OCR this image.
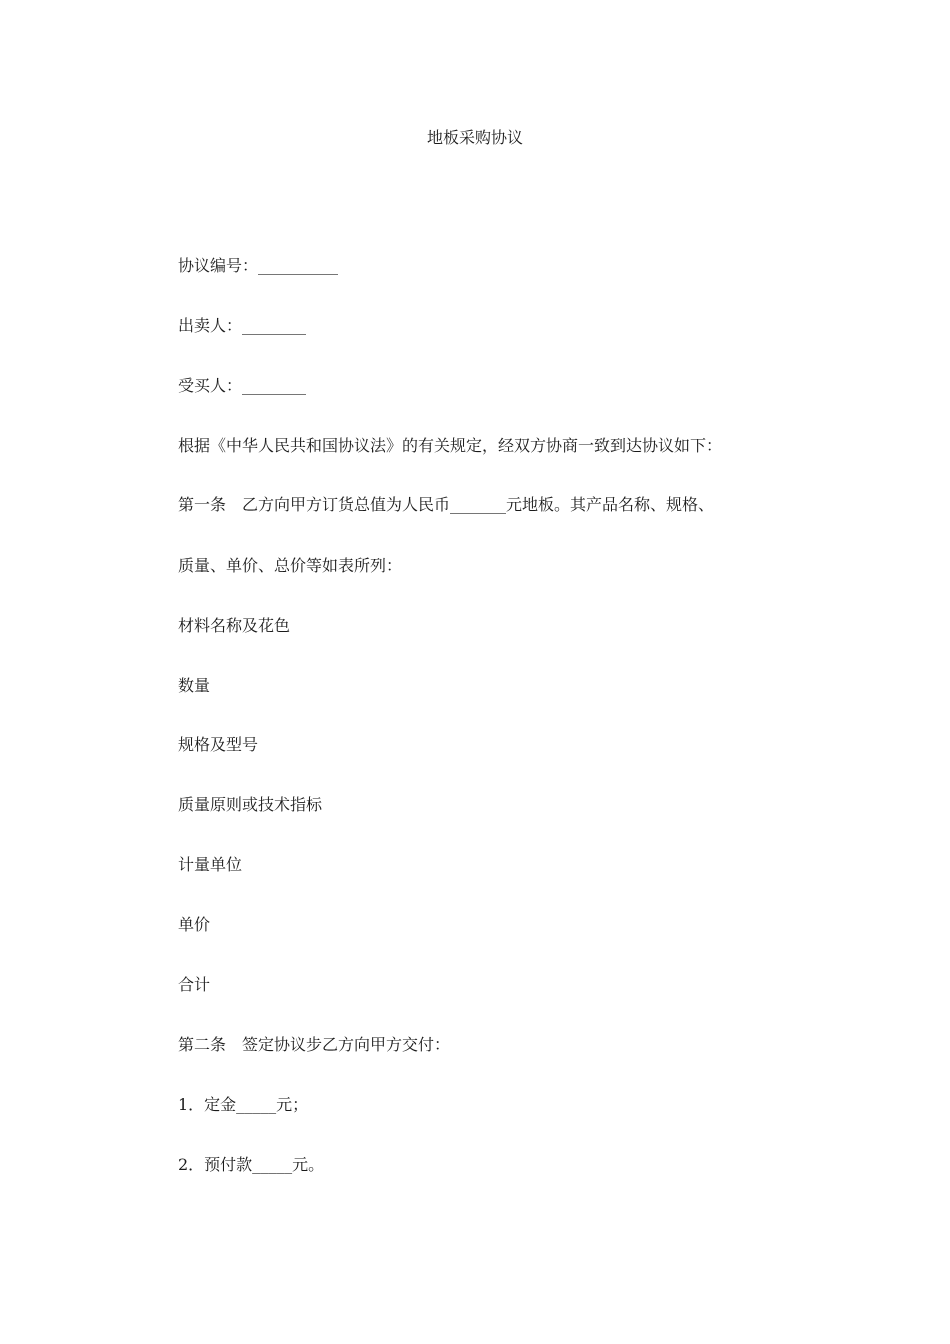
地板采购协议
协议编号：__________
出卖人：________
受买人：________
根据《中华人民共和国协议法》的有关规定，经双方协商一致到达协议如下：
第一条　乙方向甲方订货总值为人民币_______元地板。其产品名称、规格、
质量、单价、总价等如表所列：
材料名称及花色
数量
规格及型号
质量原则或技术指标
计量单位
单价
合计
第二条　签定协议步乙方向甲方交付：
1．定金_____元；
2．预付款_____元。
